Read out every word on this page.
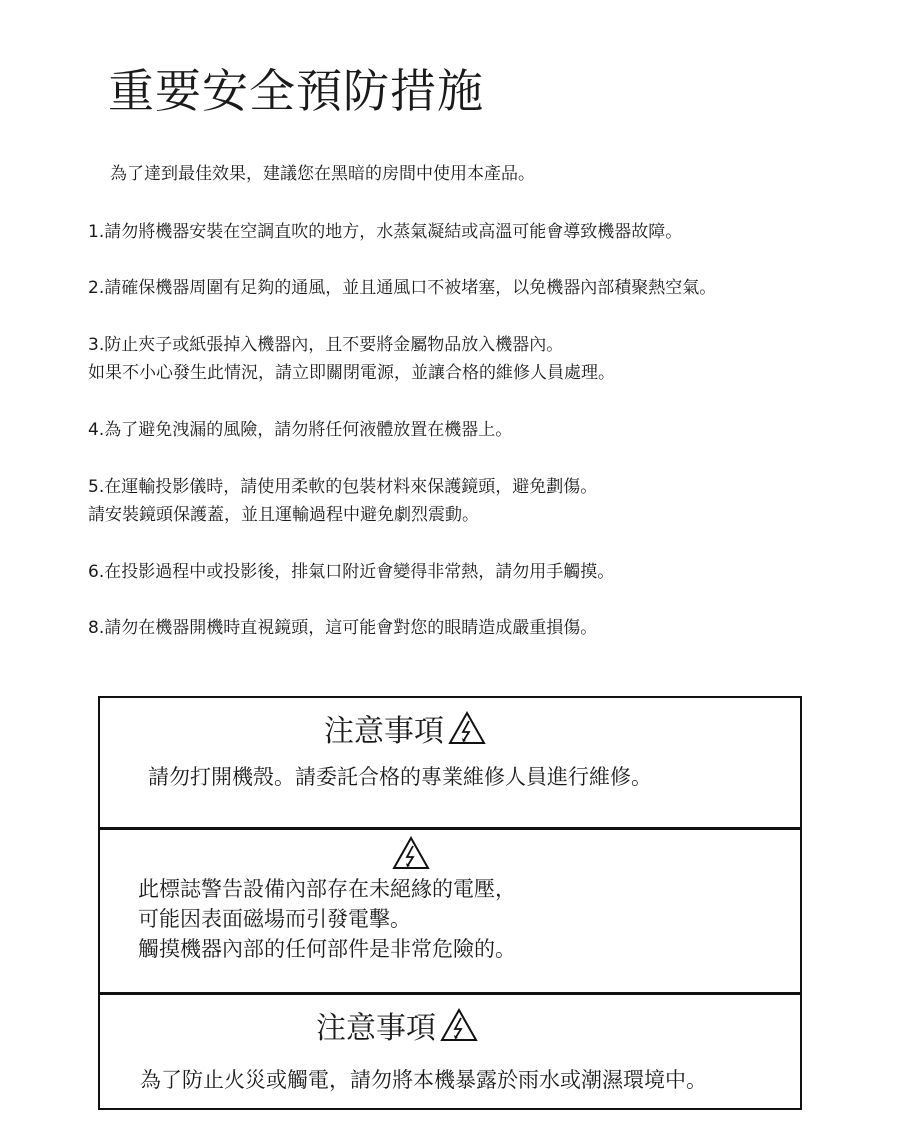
重要安全預防措施
為了達到最佳效果，建議您在黑暗的房間中使用本產品。
1.請勿將機器安裝在空調直吹的地方，水蒸氣凝結或高溫可能會導致機器故障。
2.請確保機器周圍有足夠的通風，並且通風口不被堵塞，以免機器內部積聚熱空氣。
3.防止夾子或紙張掉入機器內，且不要將金屬物品放入機器內。
如果不小心發生此情況，請立即關閉電源，並讓合格的維修人員處理。
4.為了避免洩漏的風險，請勿將任何液體放置在機器上。
5.在運輸投影儀時，請使用柔軟的包裝材料來保護鏡頭，避免劃傷。
請安裝鏡頭保護蓋，並且運輸過程中避免劇烈震動。
6.在投影過程中或投影後，排氣口附近會變得非常熱，請勿用手觸摸。
8.請勿在機器開機時直視鏡頭，這可能會對您的眼睛造成嚴重損傷。
注意事項
請勿打開機殼。請委託合格的專業維修人員進行維修。
此標誌警告設備內部存在未絕緣的電壓，
可能因表面磁場而引發電擊。
觸摸機器內部的任何部件是非常危險的。
注意事項
為了防止火災或觸電，請勿將本機暴露於雨水或潮濕環境中。
